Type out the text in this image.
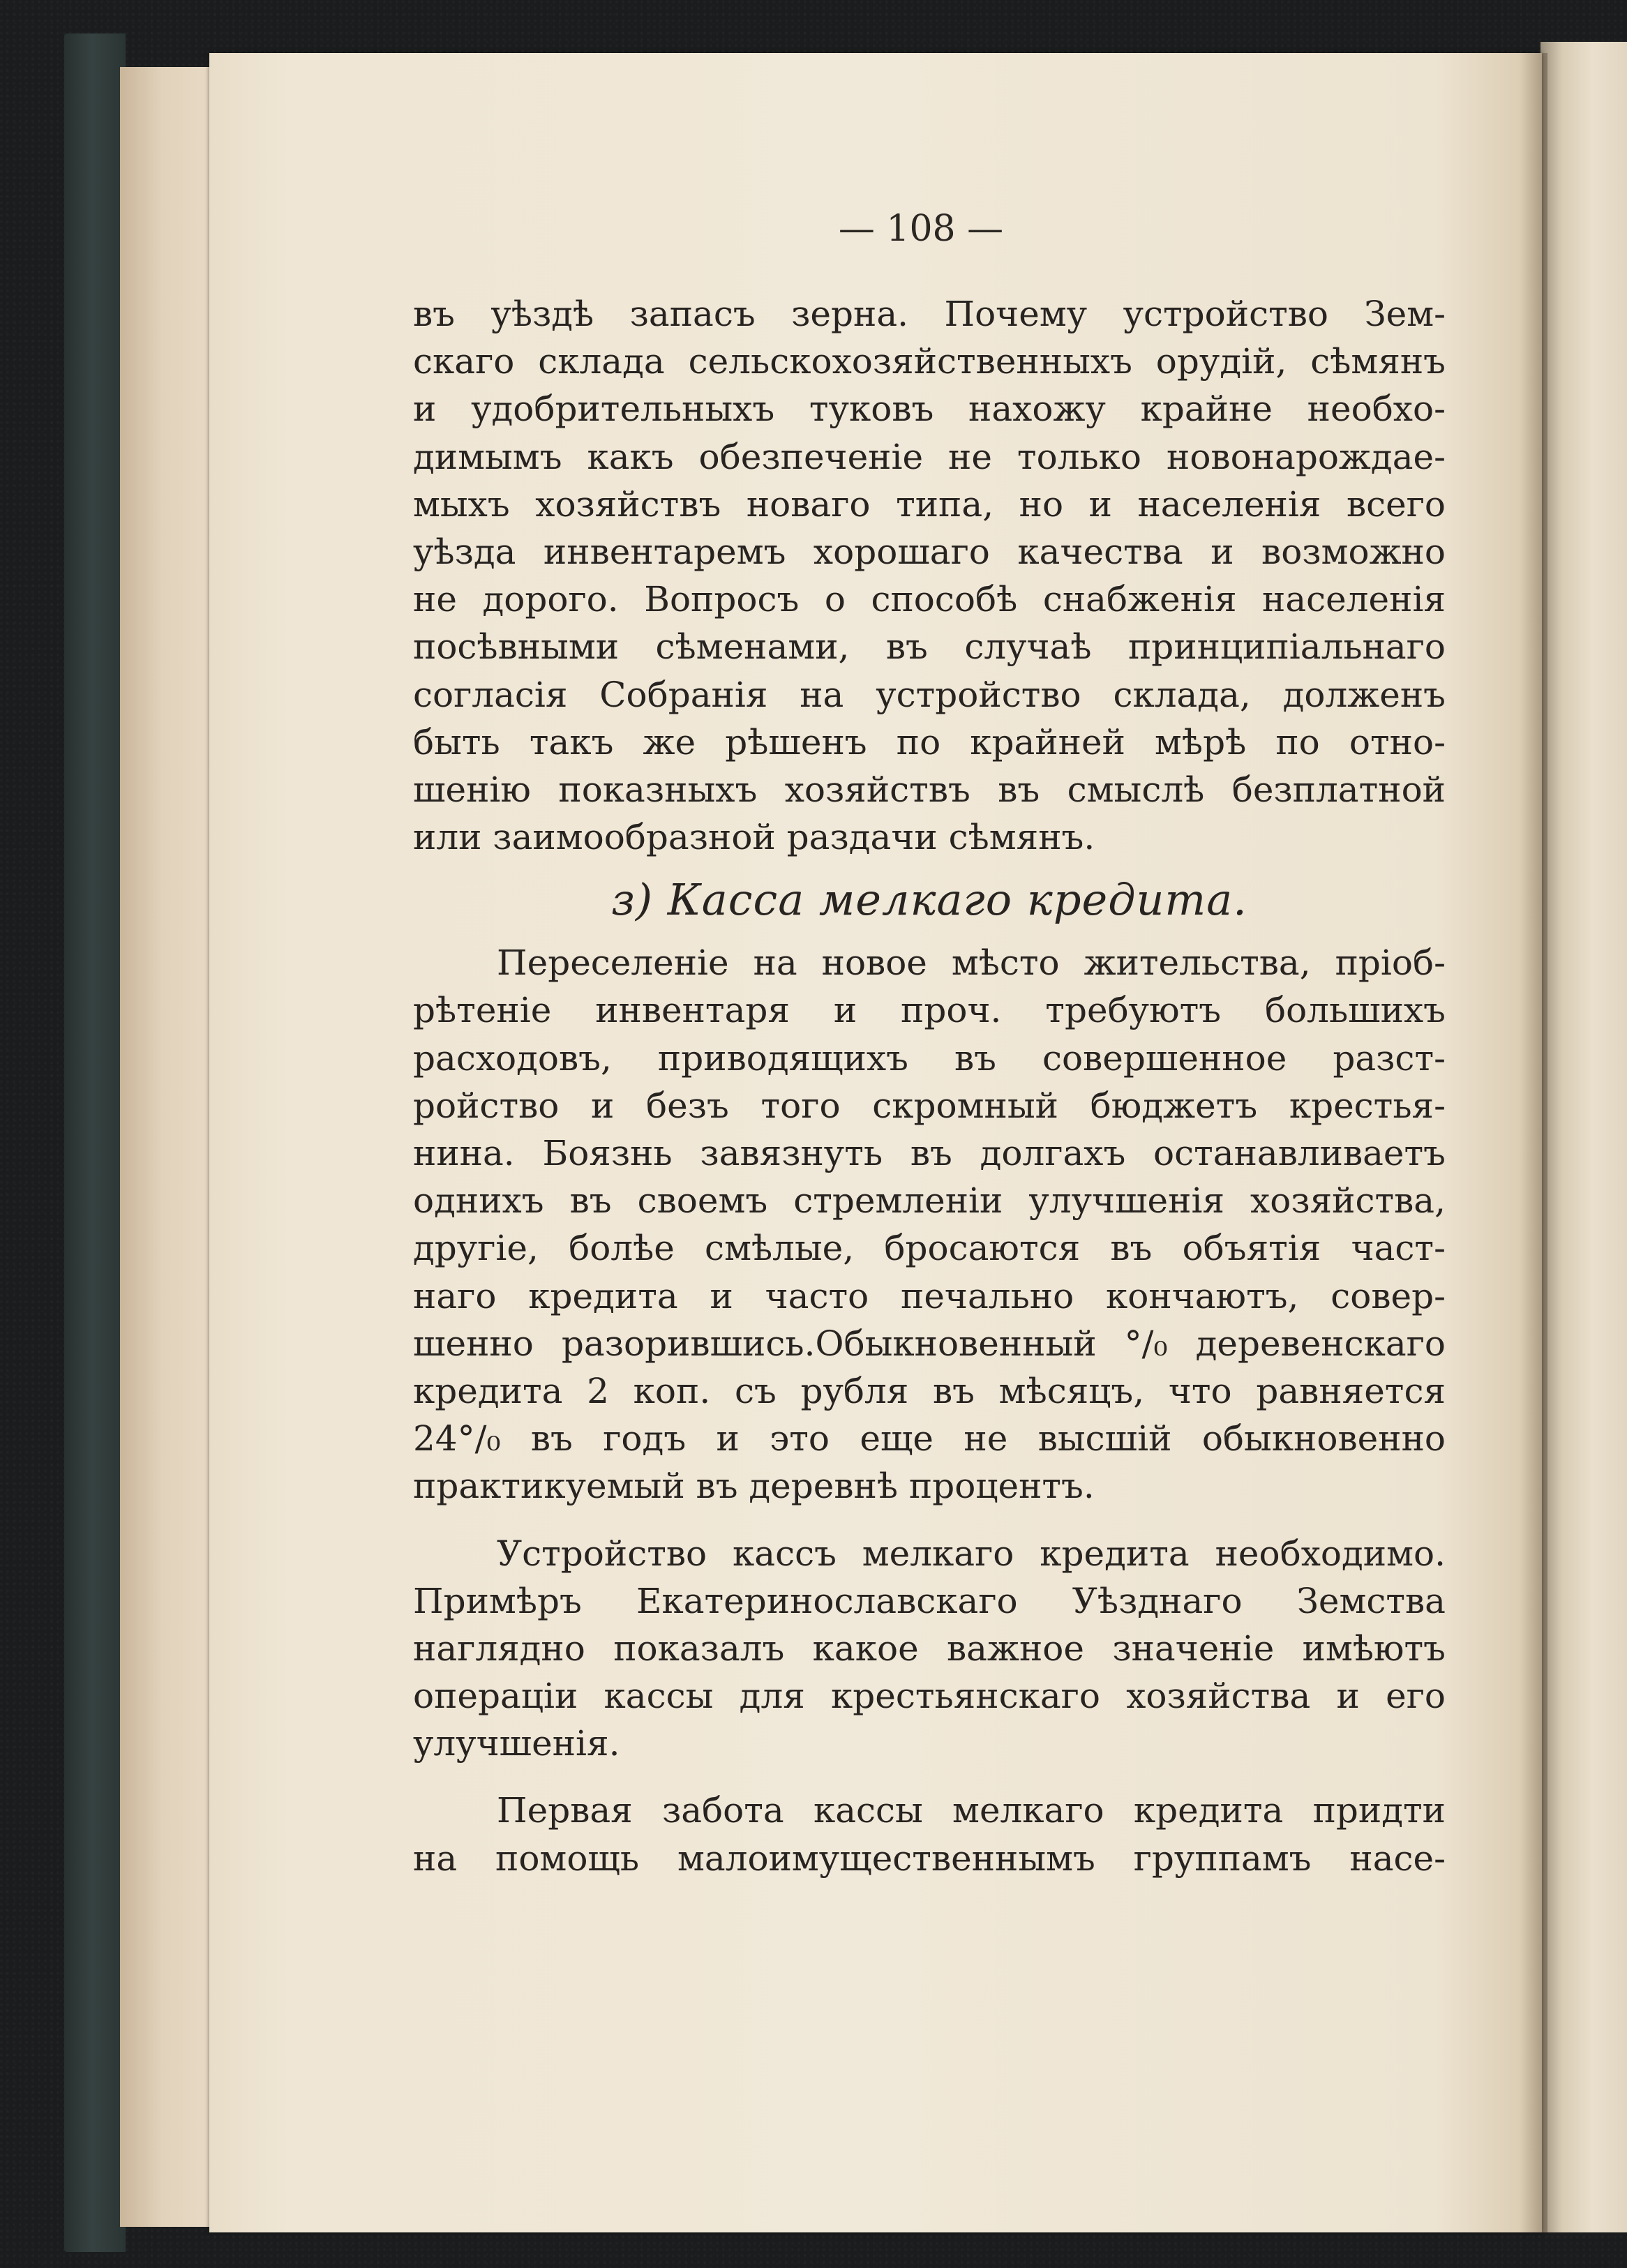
— 108 —
въ уѣздѣ запасъ зерна. Почему устройство Зем-
скаго склада сельскохозяйственныхъ орудій, сѣмянъ
и удобрительныхъ туковъ нахожу крайне необхо-
димымъ какъ обезпеченіе не только новонарождае-
мыхъ хозяйствъ новаго типа, но и населенія всего
уѣзда инвентаремъ хорошаго качества и возможно
не дорого. Вопросъ о способѣ снабженія населенія
посѣвными сѣменами, въ случаѣ принципіальнаго
согласія Собранія на устройство склада, долженъ
быть такъ же рѣшенъ по крайней мѣрѣ по отно-
шенію показныхъ хозяйствъ въ смыслѣ безплатной
или заимообразной раздачи сѣмянъ.
з) Касса мелкаго кредита.
Переселеніе на новое мѣсто жительства, пріоб-
рѣтеніе инвентаря и проч. требуютъ большихъ
расходовъ, приводящихъ въ совершенное разст-
ройство и безъ того скромный бюджетъ крестья-
нина. Боязнь завязнуть въ долгахъ останавливаетъ
однихъ въ своемъ стремленіи улучшенія хозяйства,
другіе, болѣе смѣлые, бросаются въ объятія част-
наго кредита и часто печально кончаютъ, совер-
шенно разорившись.Обыкновенный °/₀ деревенскаго
кредита 2 коп. съ рубля въ мѣсяцъ, что равняется
24°/₀ въ годъ и это еще не высшій обыкновенно
практикуемый въ деревнѣ процентъ.
Устройство кассъ мелкаго кредита необходимо.
Примѣръ Екатеринославскаго Уѣзднаго Земства
наглядно показалъ какое важное значеніе имѣютъ
операціи кассы для крестьянскаго хозяйства и его
улучшенія.
Первая забота кассы мелкаго кредита придти
на помощь малоимущественнымъ группамъ насе-
